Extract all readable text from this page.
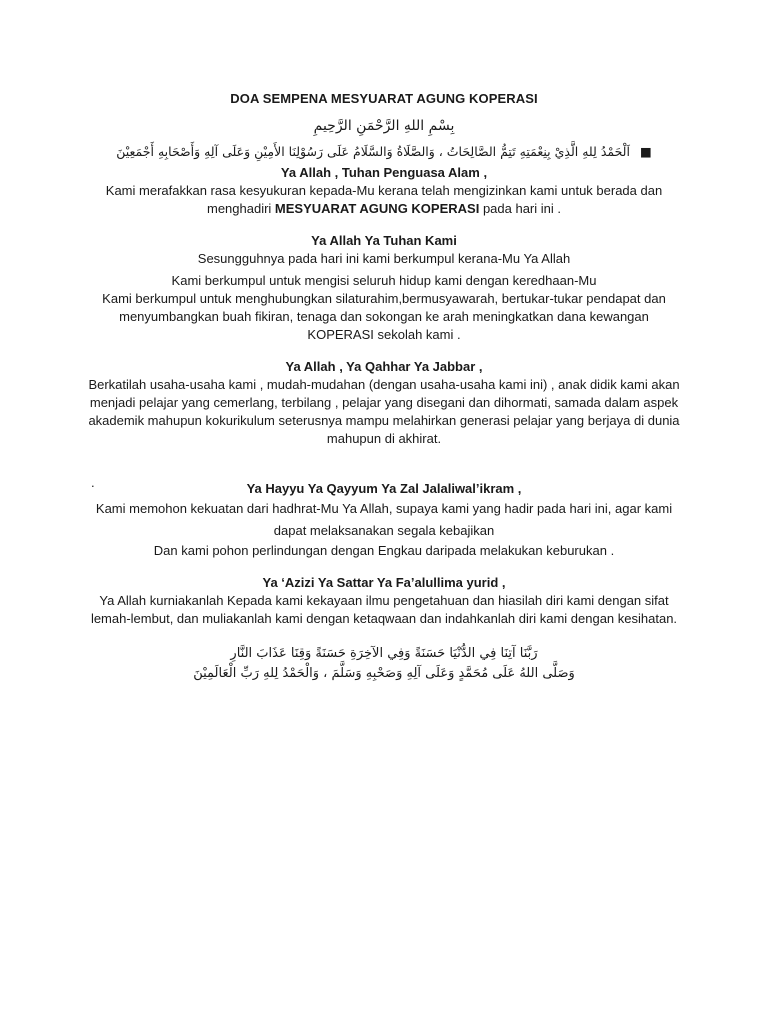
DOA SEMPENA MESYUARAT AGUNG KOPERASI
بِسْمِ اللهِ الرَّحْمَنِ الرَّحِيمِ
■ اَلْحَمْدُ لِلهِ الَّذِيْ بِنِعْمَتِهِ تَتِمُّ الصَّالِحَاتُ ، وَالصَّلَاةُ وَالسَّلَامُ عَلَى رَسُوْلِنَا الأَمِيْنِ وَعَلَى آلِهِ وَأَصْحَابِهِ أَجْمَعِيْنَ

Ya Allah , Tuhan Penguasa Alam ,

Kami merafakkan rasa kesyukuran kepada-Mu kerana telah mengizinkan kami untuk berada dan menghadiri MESYUARAT AGUNG KOPERASI pada hari ini .

Ya Allah Ya Tuhan Kami

Sesungguhnya pada hari ini kami berkumpul kerana-Mu Ya Allah

Kami berkumpul untuk mengisi seluruh hidup kami dengan keredhaan-Mu

Kami berkumpul untuk menghubungkan silaturahim,bermusyawarah, bertukar-tukar pendapat dan menyumbangkan buah fikiran, tenaga dan sokongan ke arah meningkatkan dana kewangan KOPERASI sekolah kami .

Ya Allah , Ya Qahhar Ya Jabbar ,

Berkatilah usaha-usaha kami , mudah-mudahan (dengan usaha-usaha kami ini) , anak didik kami akan menjadi pelajar yang cemerlang, terbilang , pelajar yang disegani dan dihormati, samada dalam aspek akademik mahupun kokurikulum seterusnya mampu melahirkan generasi pelajar yang berjaya di dunia mahupun di akhirat.

Ya Hayyu Ya Qayyum Ya Zal Jalaliwal’ikram ,

Kami memohon kekuatan dari hadhrat-Mu Ya Allah, supaya kami yang hadir pada hari ini, agar kami dapat melaksanakan segala kebajikan

Dan kami pohon perlindungan dengan Engkau daripada melakukan keburukan .

Ya ‘Azizi Ya Sattar Ya Fa’alullima yurid ,

Ya Allah kurniakanlah Kepada kami kekayaan ilmu pengetahuan dan hiasilah diri kami dengan sifat lemah-lembut, dan muliakanlah kami dengan ketaqwaan dan indahkanlah diri kami dengan kesihatan.

رَبَّنَا آتِنَا فِي الدُّنْيَا حَسَنَةً وَفِي الآخِرَةِ حَسَنَةً وَقِنَا عَذَابَ النَّارِ
وَصَلَّى اللهُ عَلَى مُحَمَّدٍ وَعَلَى آلِهِ وَصَحْبِهِ وَسَلَّمَ ، وَالْحَمْدُ لِلهِ رَبِّ الْعَالَمِيْنَ
.
